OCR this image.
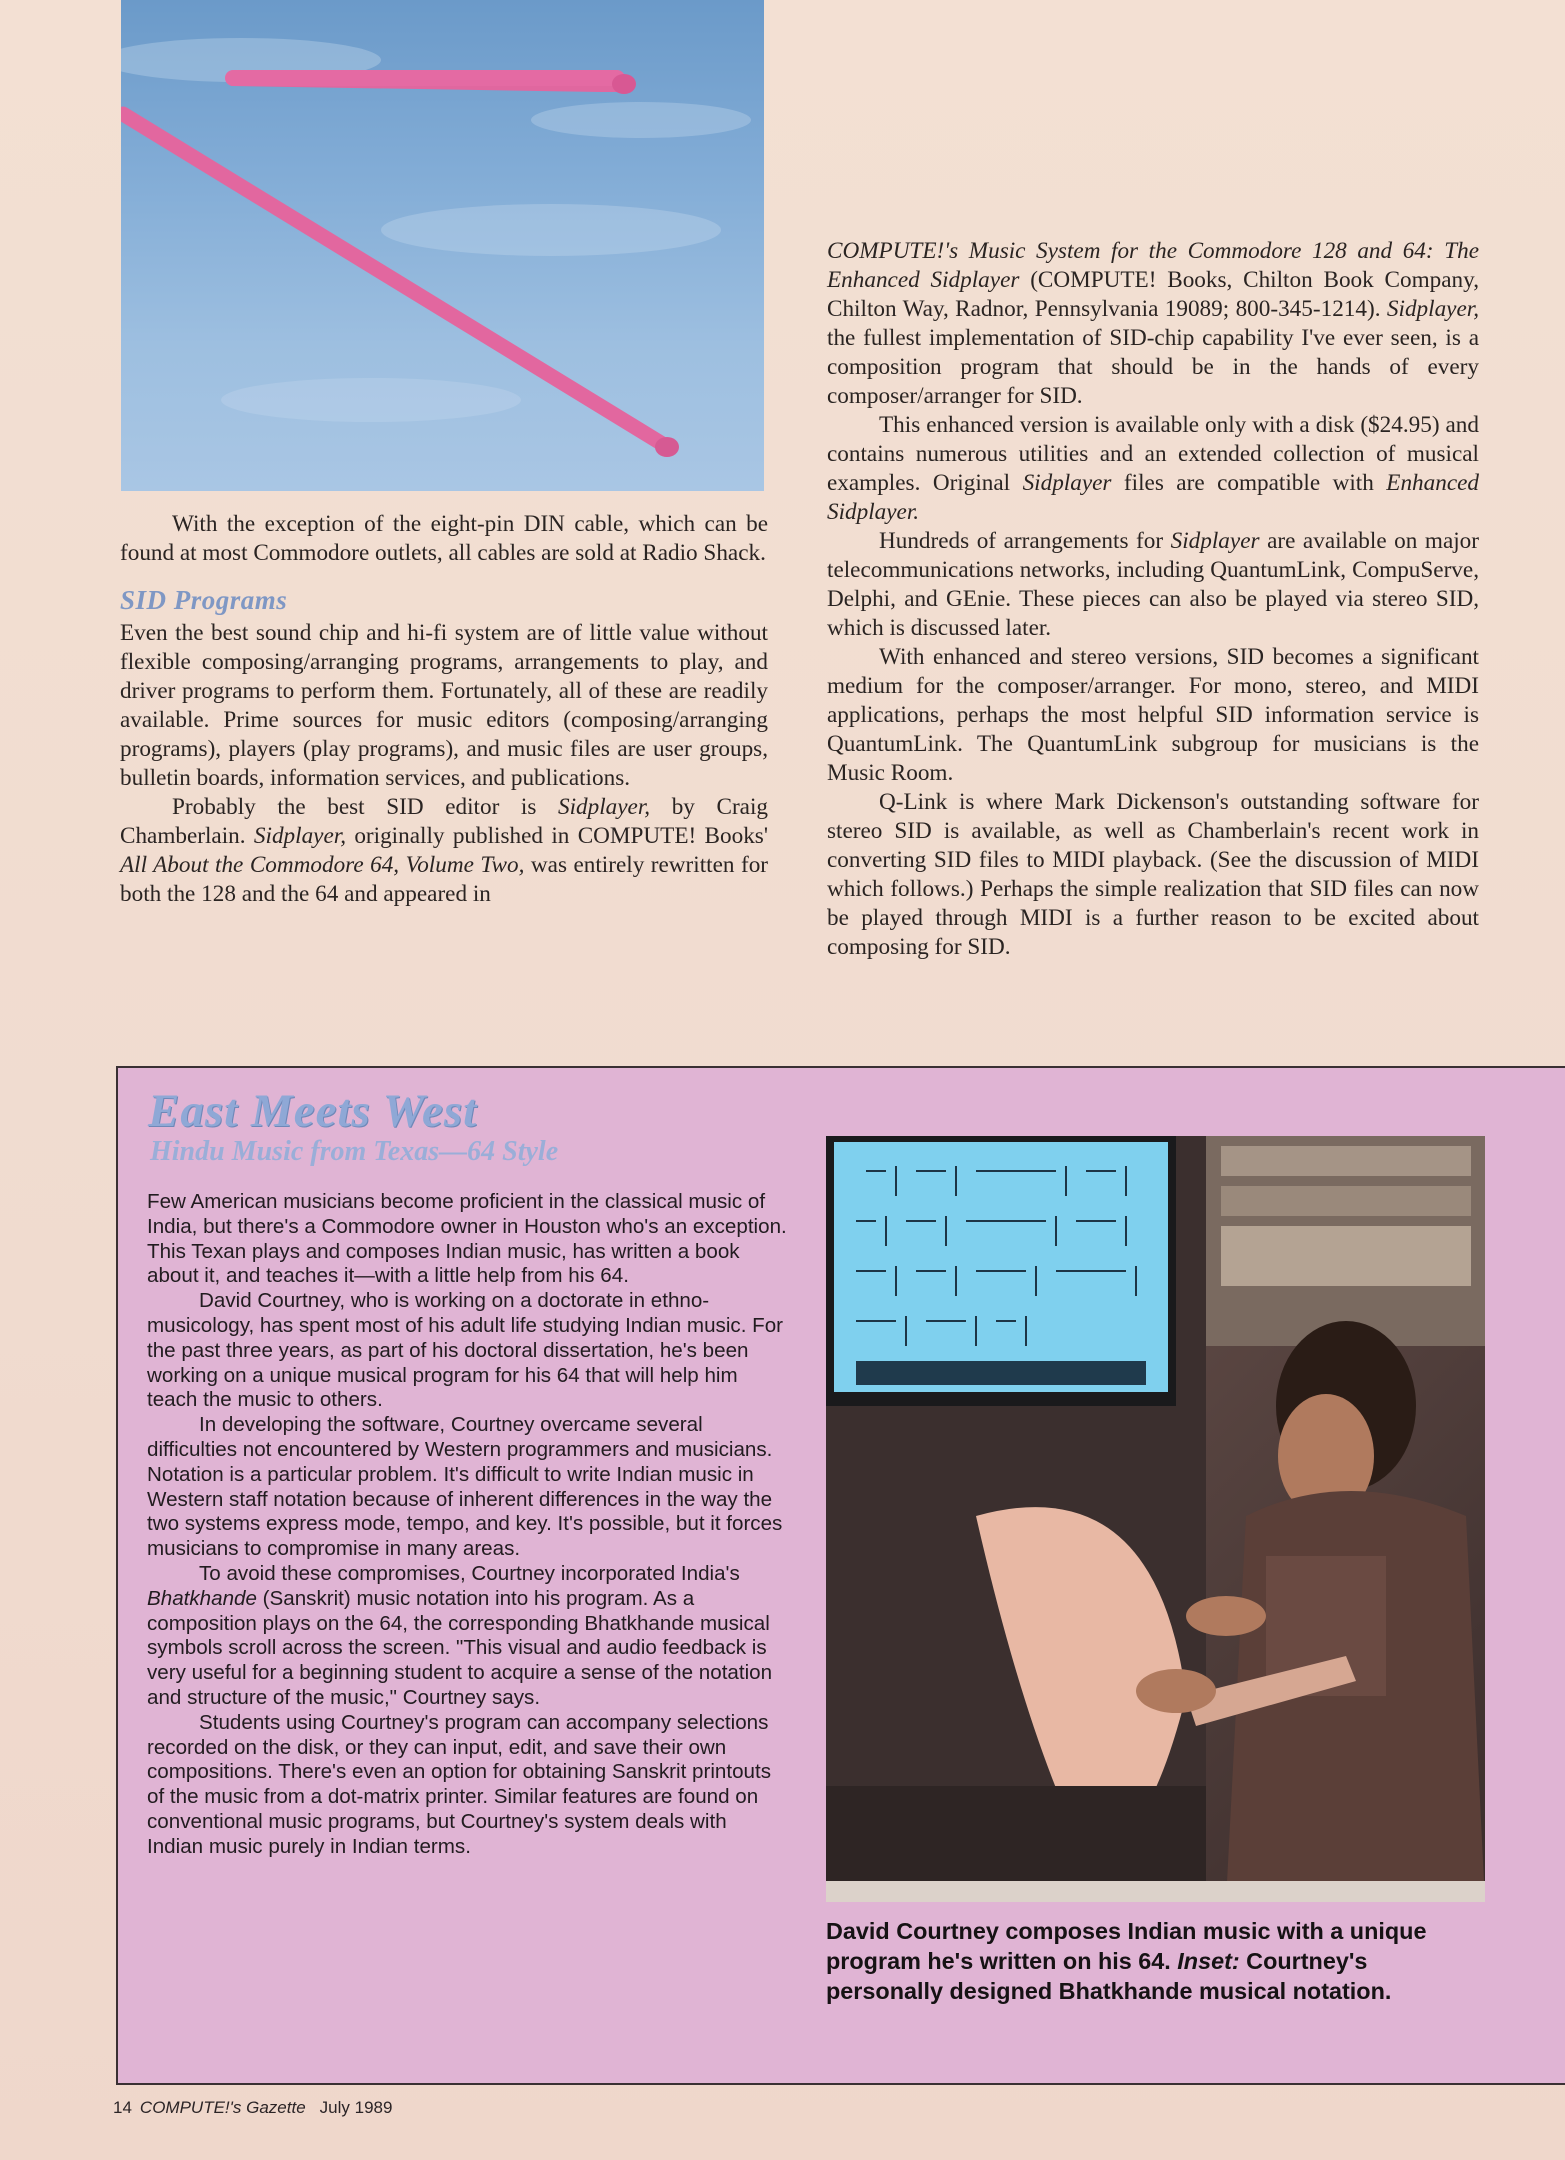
With the exception of the eight-pin DIN cable, which can be found at most Commodore outlets, all cables are sold at Radio Shack.

SID Programs

Even the best sound chip and hi-fi system are of little value without flexible composing/arranging programs, arrangements to play, and driver programs to perform them. Fortunately, all of these are readily available. Prime sources for music editors (composing/arranging programs), players (play programs), and music files are user groups, bulletin boards, information services, and publications.

Probably the best SID editor is Sidplayer, by Craig Chamberlain. Sidplayer, originally published in COMPUTE! Books' All About the Commodore 64, Volume Two, was entirely rewritten for both the 128 and the 64 and appeared in

COMPUTE!'s Music System for the Commodore 128 and 64: The Enhanced Sidplayer (COMPUTE! Books, Chilton Book Company, Chilton Way, Radnor, Pennsylvania 19089; 800-345-1214). Sidplayer, the fullest implementation of SID-chip capability I've ever seen, is a composition program that should be in the hands of every composer/arranger for SID.

This enhanced version is available only with a disk ($24.95) and contains numerous utilities and an extended collection of musical examples. Original Sidplayer files are compatible with Enhanced Sidplayer.

Hundreds of arrangements for Sidplayer are available on major telecommunications networks, including QuantumLink, CompuServe, Delphi, and GEnie. These pieces can also be played via stereo SID, which is discussed later.

With enhanced and stereo versions, SID becomes a significant medium for the composer/arranger. For mono, stereo, and MIDI applications, perhaps the most helpful SID information service is QuantumLink. The QuantumLink subgroup for musicians is the Music Room.

Q-Link is where Mark Dickenson's outstanding software for stereo SID is available, as well as Chamberlain's recent work in converting SID files to MIDI playback. (See the discussion of MIDI which follows.) Perhaps the simple realization that SID files can now be played through MIDI is a further reason to be excited about composing for SID.

East Meets West
Hindu Music from Texas—64 Style

Few American musicians become proficient in the classical music of India, but there's a Commodore owner in Houston who's an exception. This Texan plays and composes Indian music, has written a book about it, and teaches it—with a little help from his 64.

David Courtney, who is working on a doctorate in ethno-musicology, has spent most of his adult life studying Indian music. For the past three years, as part of his doctoral dissertation, he's been working on a unique musical program for his 64 that will help him teach the music to others.

In developing the software, Courtney overcame several difficulties not encountered by Western programmers and musicians. Notation is a particular problem. It's difficult to write Indian music in Western staff notation because of inherent differences in the way the two systems express mode, tempo, and key. It's possible, but it forces musicians to compromise in many areas.

To avoid these compromises, Courtney incorporated India's Bhatkhande (Sanskrit) music notation into his program. As a composition plays on the 64, the corresponding Bhatkhande musical symbols scroll across the screen. "This visual and audio feedback is very useful for a beginning student to acquire a sense of the notation and structure of the music," Courtney says.

Students using Courtney's program can accompany selections recorded on the disk, or they can input, edit, and save their own compositions. There's even an option for obtaining Sanskrit printouts of the music from a dot-matrix printer. Similar features are found on conventional music programs, but Courtney's system deals with Indian music purely in Indian terms.

David Courtney composes Indian music with a unique program he's written on his 64. Inset: Courtney's personally designed Bhatkhande musical notation.
14 COMPUTE!'s Gazette July 1989
